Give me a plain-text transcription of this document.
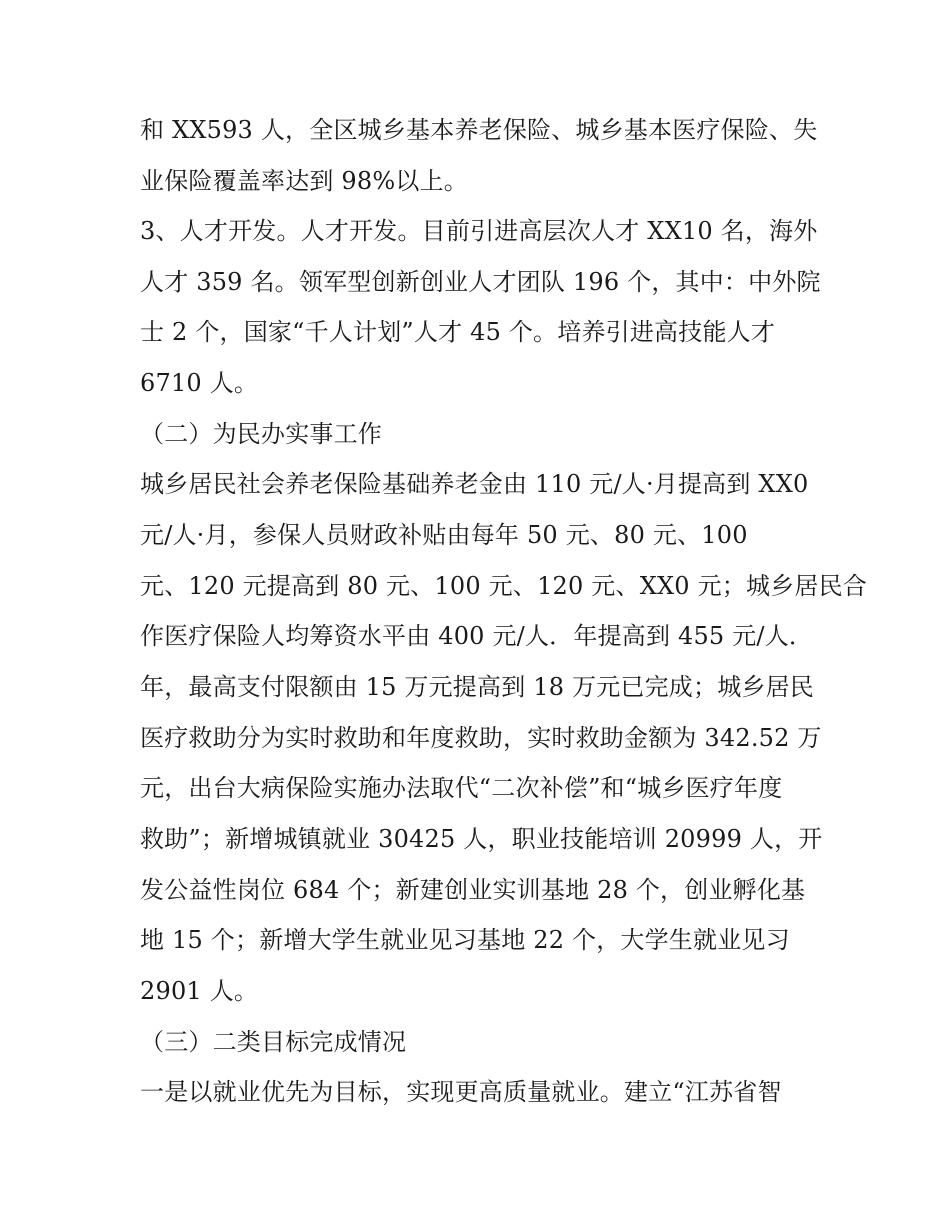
和 XX593 人，全区城乡基本养老保险、城乡基本医疗保险、失
业保险覆盖率达到 98%以上。
3、人才开发。人才开发。目前引进高层次人才 XX10 名，海外
人才 359 名。领军型创新创业人才团队 196 个，其中：中外院
士 2 个，国家“千人计划”人才 45 个。培养引进高技能人才
6710 人。
（二）为民办实事工作
城乡居民社会养老保险基础养老金由 110 元/人·月提高到 XX0
元/人·月，参保人员财政补贴由每年 50 元、80 元、100
元、120 元提高到 80 元、100 元、120 元、XX0 元；城乡居民合
作医疗保险人均筹资水平由 400 元/人．年提高到 455 元/人．
年，最高支付限额由 15 万元提高到 18 万元已完成；城乡居民
医疗救助分为实时救助和年度救助，实时救助金额为 342.52 万
元，出台大病保险实施办法取代“二次补偿”和“城乡医疗年度
救助”；新增城镇就业 30425 人，职业技能培训 20999 人，开
发公益性岗位 684 个；新建创业实训基地 28 个，创业孵化基
地 15 个；新增大学生就业见习基地 22 个，大学生就业见习
2901 人。
（三）二类目标完成情况
一是以就业优先为目标，实现更高质量就业。建立“江苏省智
